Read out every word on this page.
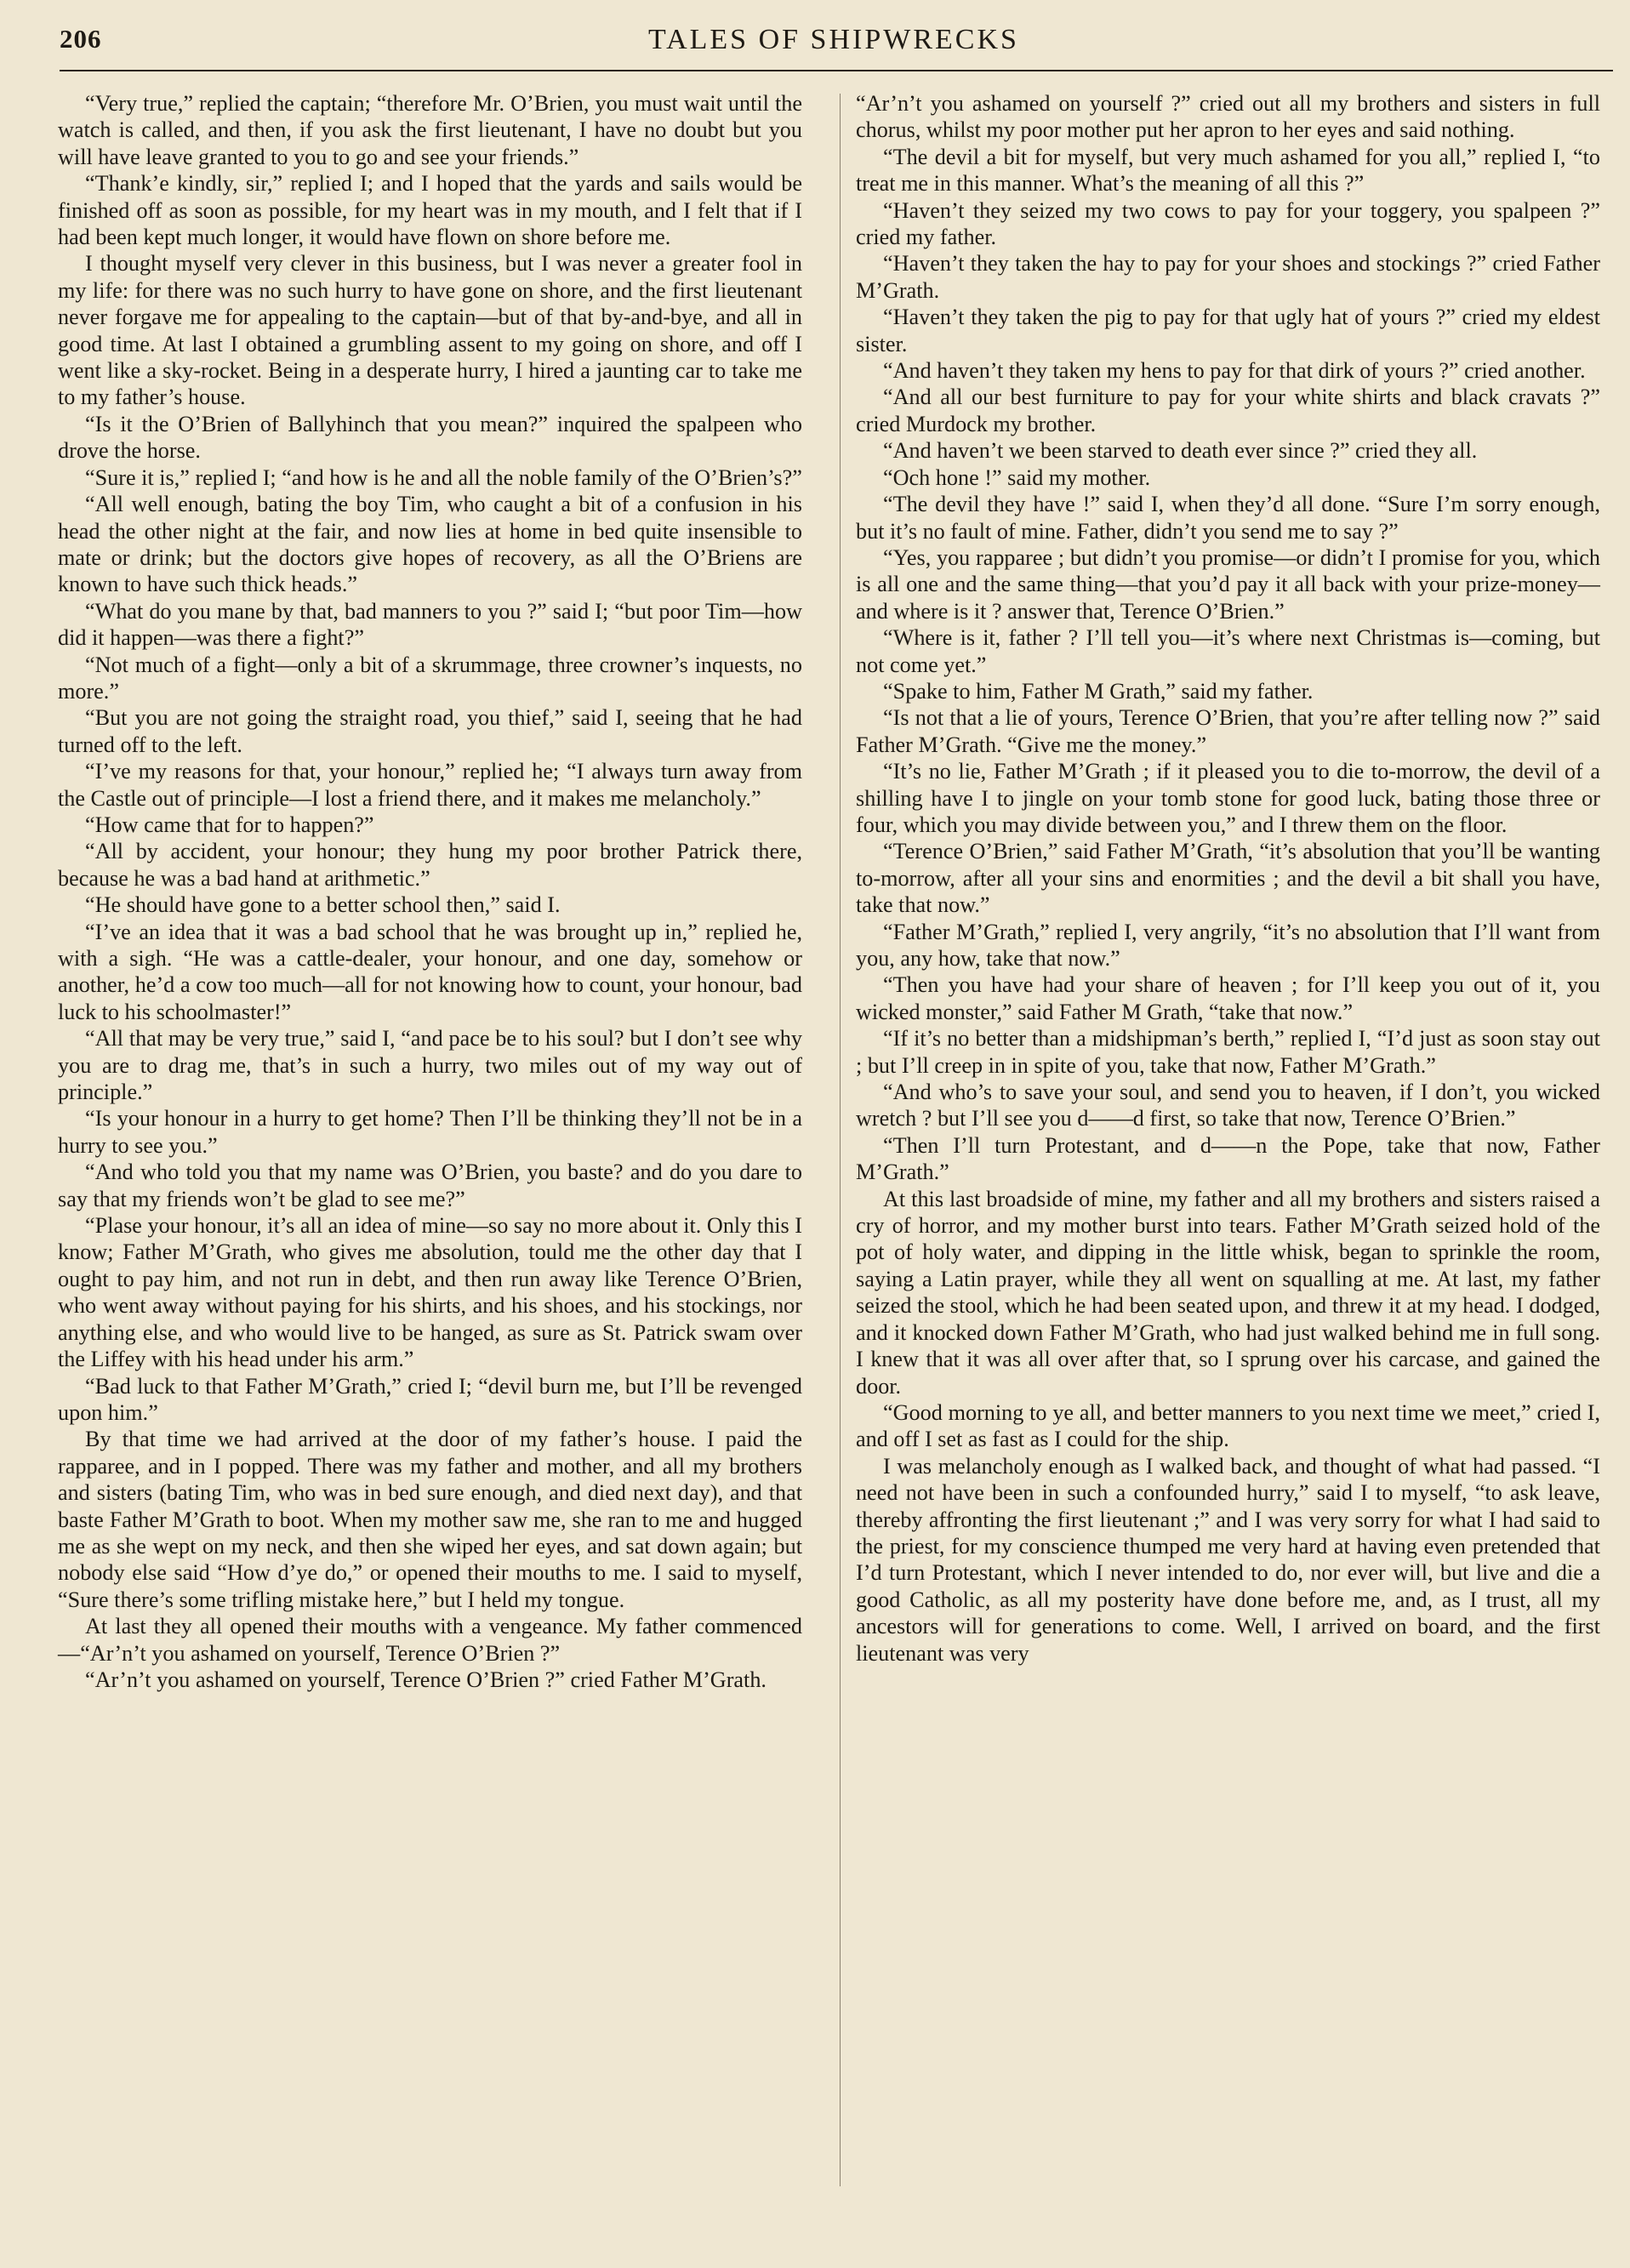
206	TALES OF SHIPWRECKS

“Very true,” replied the captain; “therefore Mr. O’Brien, you must wait until the watch is called, and then, if you ask the first lieutenant, I have no doubt but you will have leave granted to you to go and see your friends.”

“Thank’e kindly, sir,” replied I; and I hoped that the yards and sails would be finished off as soon as possible, for my heart was in my mouth, and I felt that if I had been kept much longer, it would have flown on shore before me.

I thought myself very clever in this business, but I was never a greater fool in my life: for there was no such hurry to have gone on shore, and the first lieutenant never forgave me for appealing to the captain—but of that by-and-bye, and all in good time. At last I obtained a grumbling assent to my going on shore, and off I went like a sky-rocket. Being in a desperate hurry, I hired a jaunting car to take me to my father’s house.

“Is it the O’Brien of Ballyhinch that you mean?” inquired the spalpeen who drove the horse.

“Sure it is,” replied I; “and how is he and all the noble family of the O’Brien’s?”

“All well enough, bating the boy Tim, who caught a bit of a confusion in his head the other night at the fair, and now lies at home in bed quite insensible to mate or drink; but the doctors give hopes of recovery, as all the O’Briens are known to have such thick heads.”

“What do you mane by that, bad manners to you ?” said I; “but poor Tim—how did it happen—was there a fight?”

“Not much of a fight—only a bit of a skrummage, three crowner’s inquests, no more.”

“But you are not going the straight road, you thief,” said I, seeing that he had turned off to the left.

“I’ve my reasons for that, your honour,” replied he; “I always turn away from the Castle out of principle—I lost a friend there, and it makes me melancholy.”

“How came that for to happen?”

“All by accident, your honour; they hung my poor brother Patrick there, because he was a bad hand at arithmetic.”

“He should have gone to a better school then,” said I.

“I’ve an idea that it was a bad school that he was brought up in,” replied he, with a sigh. “He was a cattle-dealer, your honour, and one day, somehow or another, he’d a cow too much—all for not knowing how to count, your honour, bad luck to his schoolmaster!”

“All that may be very true,” said I, “and pace be to his soul? but I don’t see why you are to drag me, that’s in such a hurry, two miles out of my way out of principle.”

“Is your honour in a hurry to get home? Then I’ll be thinking they’ll not be in a hurry to see you.”

“And who told you that my name was O’Brien, you baste? and do you dare to say that my friends won’t be glad to see me?”

“Plase your honour, it’s all an idea of mine—so say no more about it. Only this I know; Father M’Grath, who gives me absolution, tould me the other day that I ought to pay him, and not run in debt, and then run away like Terence O’Brien, who went away without paying for his shirts, and his shoes, and his stockings, nor anything else, and who would live to be hanged, as sure as St. Patrick swam over the Liffey with his head under his arm.”

“Bad luck to that Father M’Grath,” cried I; “devil burn me, but I’ll be revenged upon him.”

By that time we had arrived at the door of my father’s house. I paid the rapparee, and in I popped. There was my father and mother, and all my brothers and sisters (bating Tim, who was in bed sure enough, and died next day), and that baste Father M’Grath to boot. When my mother saw me, she ran to me and hugged me as she wept on my neck, and then she wiped her eyes, and sat down again; but nobody else said “How d’ye do,” or opened their mouths to me. I said to myself, “Sure there’s some trifling mistake here,” but I held my tongue.

At last they all opened their mouths with a vengeance. My father commenced—“Ar’n’t you ashamed on yourself, Terence O’Brien ?”

“Ar’n’t you ashamed on yourself, Terence O’Brien ?” cried Father M’Grath.

“Ar’n’t you ashamed on yourself ?” cried out all my brothers and sisters in full chorus, whilst my poor mother put her apron to her eyes and said nothing.

“The devil a bit for myself, but very much ashamed for you all,” replied I, “to treat me in this manner. What’s the meaning of all this ?”

“Haven’t they seized my two cows to pay for your toggery, you spalpeen ?” cried my father.

“Haven’t they taken the hay to pay for your shoes and stockings ?” cried Father M’Grath.

“Haven’t they taken the pig to pay for that ugly hat of yours ?” cried my eldest sister.

“And haven’t they taken my hens to pay for that dirk of yours ?” cried another.

“And all our best furniture to pay for your white shirts and black cravats ?” cried Murdock my brother.

“And haven’t we been starved to death ever since ?” cried they all.

“Och hone !” said my mother.

“The devil they have !” said I, when they’d all done. “Sure I’m sorry enough, but it’s no fault of mine. Father, didn’t you send me to say ?”

“Yes, you rapparee ; but didn’t you promise—or didn’t I promise for you, which is all one and the same thing—that you’d pay it all back with your prize-money—and where is it ? answer that, Terence O’Brien.”

“Where is it, father ? I’ll tell you—it’s where next Christmas is—coming, but not come yet.”

“Spake to him, Father M Grath,” said my father.

“Is not that a lie of yours, Terence O’Brien, that you’re after telling now ?” said Father M’Grath. “Give me the money.”

“It’s no lie, Father M’Grath ; if it pleased you to die to-morrow, the devil of a shilling have I to jingle on your tomb stone for good luck, bating those three or four, which you may divide between you,” and I threw them on the floor.

“Terence O’Brien,” said Father M’Grath, “it’s absolution that you’ll be wanting to-morrow, after all your sins and enormities ; and the devil a bit shall you have, take that now.”

“Father M’Grath,” replied I, very angrily, “it’s no absolution that I’ll want from you, any how, take that now.”

“Then you have had your share of heaven ; for I’ll keep you out of it, you wicked monster,” said Father M Grath, “take that now.”

“If it’s no better than a midshipman’s berth,” replied I, “I’d just as soon stay out ; but I’ll creep in in spite of you, take that now, Father M’Grath.”

“And who’s to save your soul, and send you to heaven, if I don’t, you wicked wretch ? but I’ll see you d——d first, so take that now, Terence O’Brien.”

“Then I’ll turn Protestant, and d——n the Pope, take that now, Father M’Grath.”

At this last broadside of mine, my father and all my brothers and sisters raised a cry of horror, and my mother burst into tears. Father M’Grath seized hold of the pot of holy water, and dipping in the little whisk, began to sprinkle the room, saying a Latin prayer, while they all went on squalling at me. At last, my father seized the stool, which he had been seated upon, and threw it at my head. I dodged, and it knocked down Father M’Grath, who had just walked behind me in full song. I knew that it was all over after that, so I sprung over his carcase, and gained the door.

“Good morning to ye all, and better manners to you next time we meet,” cried I, and off I set as fast as I could for the ship.

I was melancholy enough as I walked back, and thought of what had passed. “I need not have been in such a confounded hurry,” said I to myself, “to ask leave, thereby affronting the first lieutenant ;” and I was very sorry for what I had said to the priest, for my conscience thumped me very hard at having even pretended that I’d turn Protestant, which I never intended to do, nor ever will, but live and die a good Catholic, as all my posterity have done before me, and, as I trust, all my ancestors will for generations to come. Well, I arrived on board, and the first lieutenant was very
